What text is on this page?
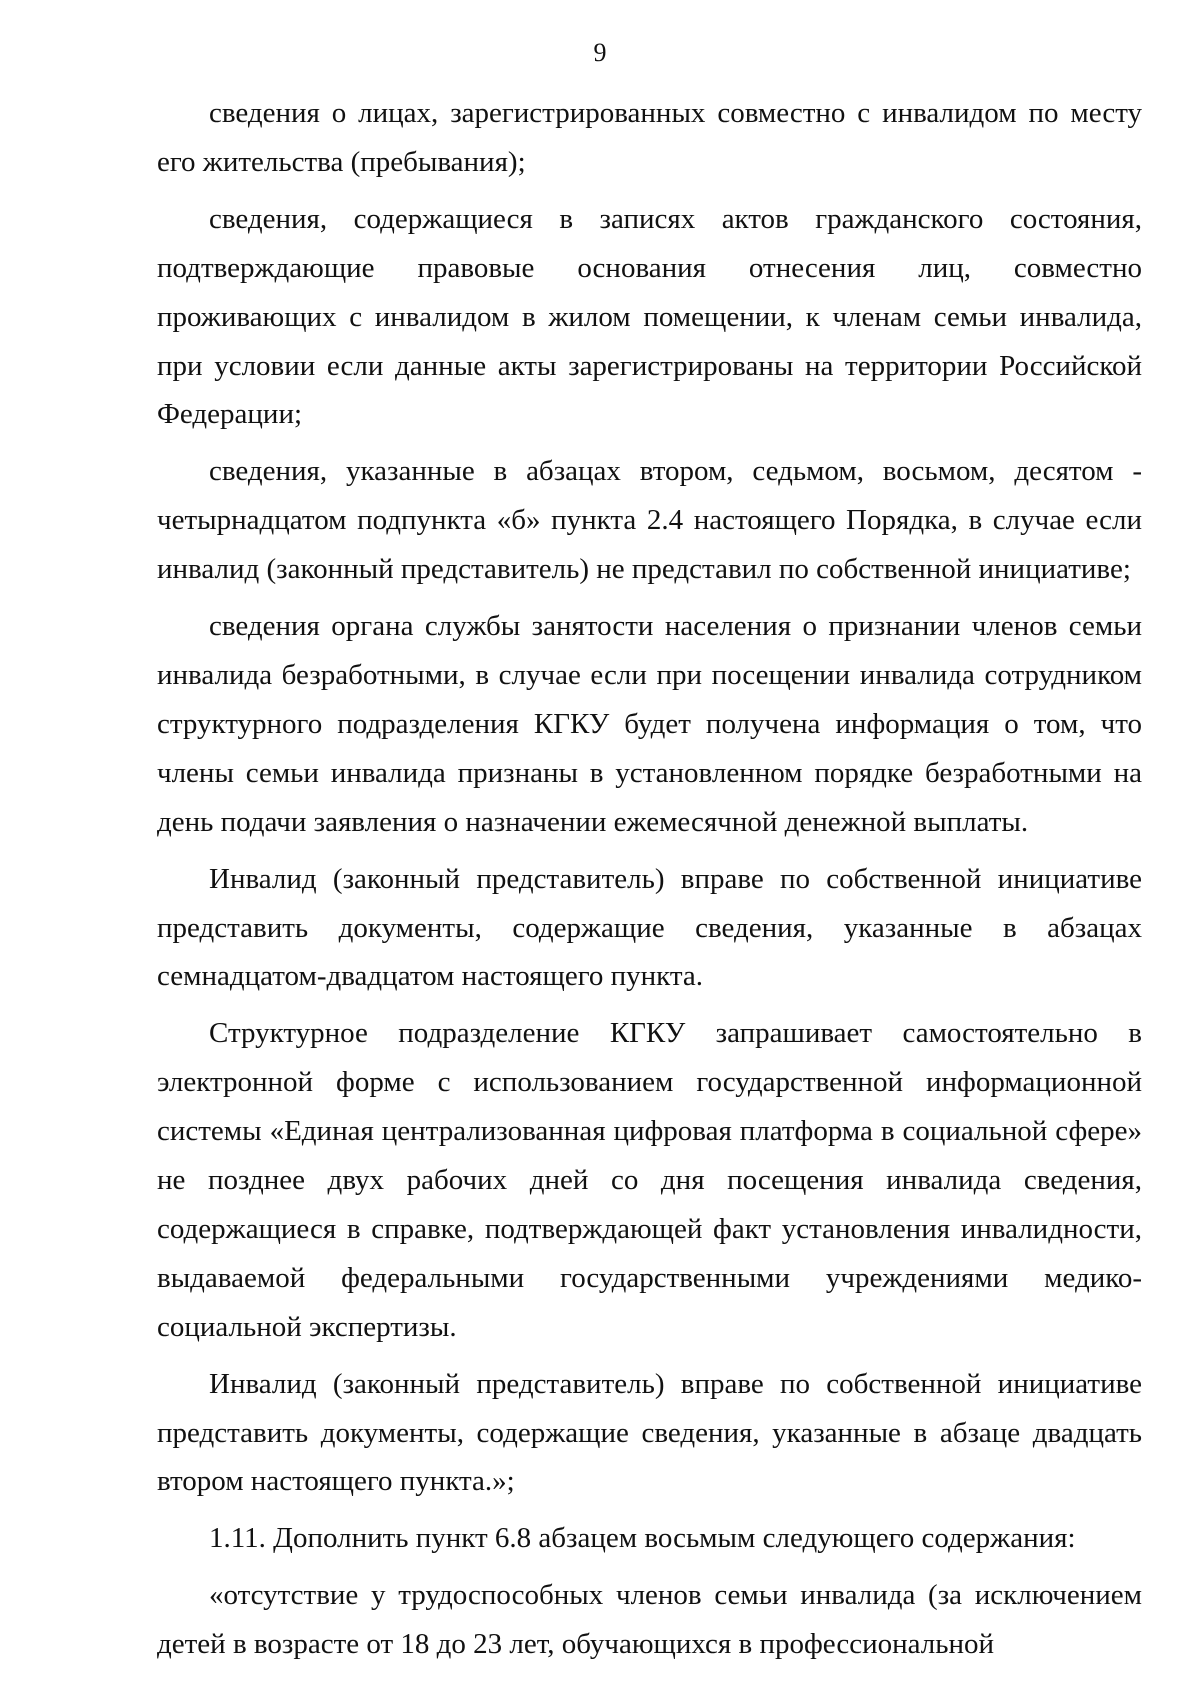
9

сведения о лицах, зарегистрированных совместно с инвалидом по месту его жительства (пребывания);

сведения, содержащиеся в записях актов гражданского состояния, подтверждающие правовые основания отнесения лиц, совместно проживающих с инвалидом в жилом помещении, к членам семьи инвалида, при условии если данные акты зарегистрированы на территории Российской Федерации;

сведения, указанные в абзацах втором, седьмом, восьмом, десятом - четырнадцатом подпункта «б» пункта 2.4 настоящего Порядка, в случае если инвалид (законный представитель) не представил по собственной инициативе;

сведения органа службы занятости населения о признании членов семьи инвалида безработными, в случае если при посещении инвалида сотрудником структурного подразделения КГКУ будет получена информация о том, что члены семьи инвалида признаны в установленном порядке безработными на день подачи заявления о назначении ежемесячной денежной выплаты.

Инвалид (законный представитель) вправе по собственной инициативе представить документы, содержащие сведения, указанные в абзацах семнадцатом-двадцатом настоящего пункта.

Структурное подразделение КГКУ запрашивает самостоятельно в электронной форме с использованием государственной информационной системы «Единая централизованная цифровая платформа в социальной сфере» не позднее двух рабочих дней со дня посещения инвалида сведения, содержащиеся в справке, подтверждающей факт установления инвалидности, выдаваемой федеральными государственными учреждениями медико-социальной экспертизы.

Инвалид (законный представитель) вправе по собственной инициативе представить документы, содержащие сведения, указанные в абзаце двадцать втором настоящего пункта.»;

1.11. Дополнить пункт 6.8 абзацем восьмым следующего содержания:

«отсутствие у трудоспособных членов семьи инвалида (за исключением детей в возрасте от 18 до 23 лет, обучающихся в профессиональной
